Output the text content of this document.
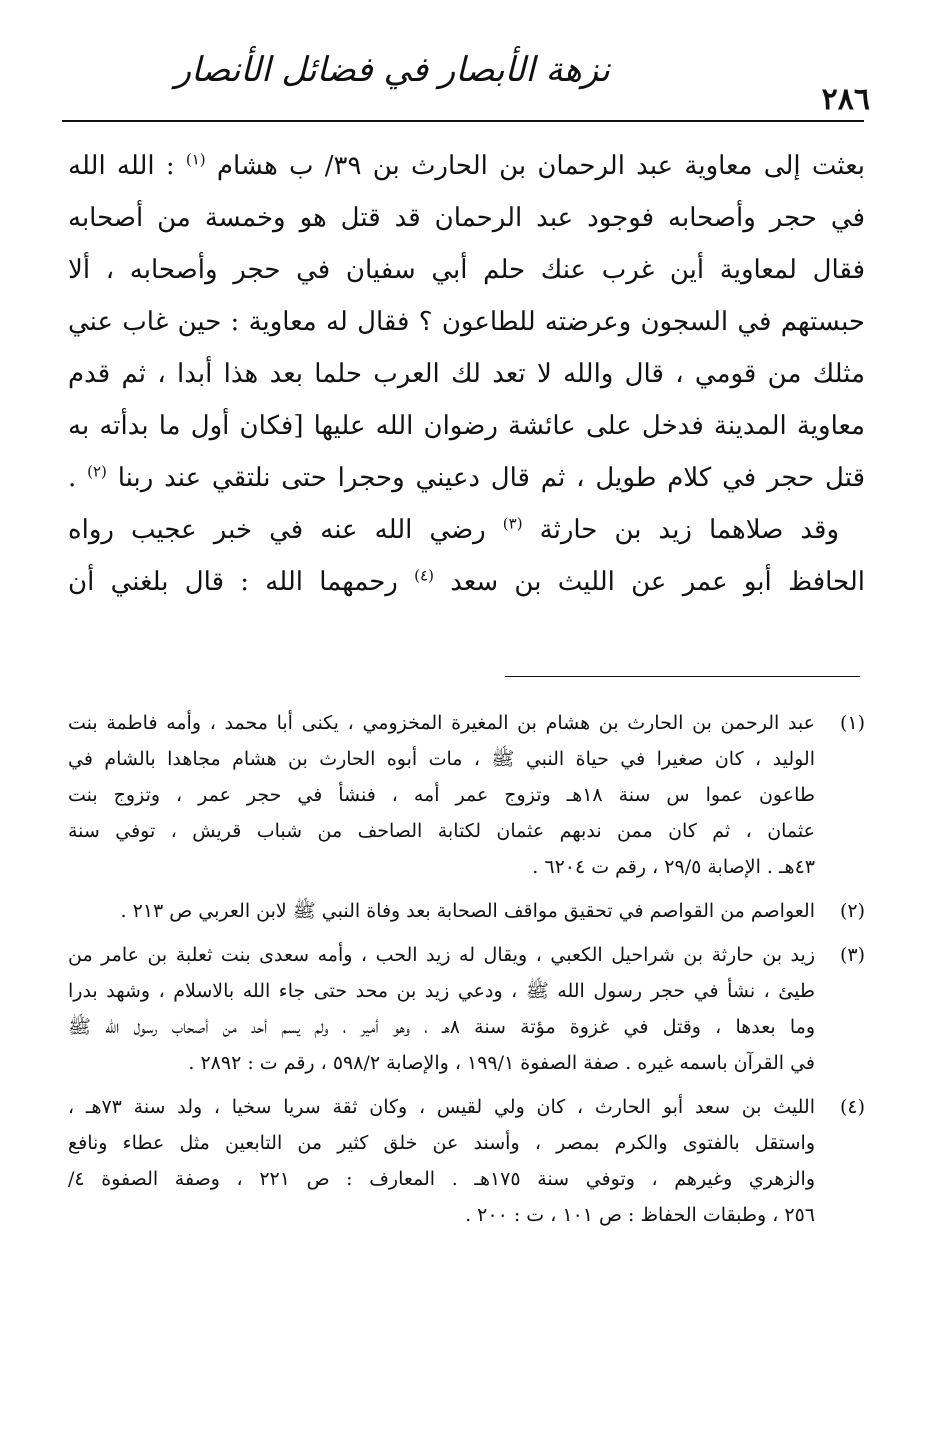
نزهة الأبصار في فضائل الأنصار
٢٨٦
بعثت إلى معاوية عبد الرحمان بن الحارث بن ٣٩/ ب هشام $^{(١)}$ : الله الله
في حجر وأصحابه فوجود عبد الرحمان قد قتل هو وخمسة من أصحابه
فقال لمعاوية أين غرب عنك حلم أبي سفيان في حجر وأصحابه ، ألا
حبستهم في السجون وعرضته للطاعون ؟ فقال له معاوية : حين غاب عني
مثلك من قومي ، قال والله لا تعد لك العرب حلما بعد هذا أبدا ، ثم قدم
معاوية المدينة فدخل على عائشة رضوان الله عليها [فكان أول ما بدأته به
قتل حجر في كلام طويل ، ثم قال دعيني وحجرا حتى نلتقي عند ربنا $^{(٢)}$ .
وقد صلاهما زيد بن حارثة $^{(٣)}$ رضي الله عنه في خبر عجيب رواه
الحافظ أبو عمر عن الليث بن سعد $^{(٤)}$ رحمهما الله : قال بلغني أن
(١)
عبد الرحمن بن الحارث بن هشام بن المغيرة المخزومي ، يكنى أبا محمد ، وأمه فاطمة بنت
الوليد ، كان صغيرا في حياة النبي ﷺ ، مات أبوه الحارث بن هشام مجاهدا بالشام في
طاعون عموا س سنة ١٨هـ وتزوج عمر أمه ، فنشأ في حجر عمر ، وتزوج بنت
عثمان ، ثم كان ممن ندبهم عثمان لكتابة الصاحف من شباب قريش ، توفي سنة
٤٣هـ . الإصابة ٢٩/٥ ، رقم ت ٦٢٠٤ .
(٢)
العواصم من القواصم في تحقيق مواقف الصحابة بعد وفاة النبي ﷺ لابن العربي ص ٢١٣ .
(٣)
زيد بن حارثة بن شراحيل الكعبي ، ويقال له زيد الحب ، وأمه سعدى بنت ثعلبة بن عامر من
طيئ ، نشأ في حجر رسول الله ﷺ ، ودعي زيد بن محد حتى جاء الله بالاسلام ، وشهد بدرا
وما بعدها ، وقتل في غزوة مؤتة سنة ٨هـ ، وهو أمير ، ولم يسم أحد من أصحاب رسول الله ﷺ
في القرآن باسمه غيره . صفة الصفوة ١٩٩/١ ، والإصابة ٥٩٨/٢ ، رقم ت : ٢٨٩٢ .
(٤)
الليث بن سعد أبو الحارث ، كان ولي لقيس ، وكان ثقة سريا سخيا ، ولد سنة ٧٣هـ ،
واستقل بالفتوى والكرم بمصر ، وأسند عن خلق كثير من التابعين مثل عطاء ونافع
والزهري وغيرهم ، وتوفي سنة ١٧٥هـ . المعارف : ص ٢٢١ ، وصفة الصفوة ٤/
٢٥٦ ، وطبقات الحفاظ : ص ١٠١ ، ت : ٢٠٠ .
